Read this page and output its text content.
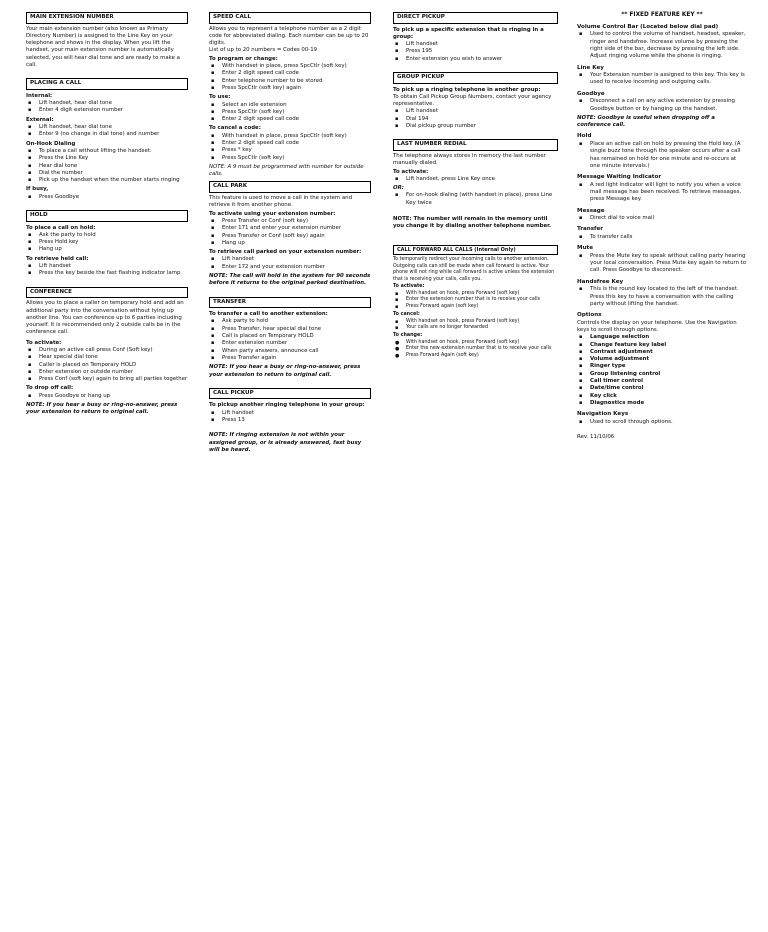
MAIN EXTENSION NUMBER

Your main extension number (also known as Primary Directory Number) is assigned to the Line Key on your telephone and shows in the display. When you lift the handset, your main extension number is automatically selected, you will hear dial tone and are ready to make a call.

PLACING A CALL
Internal:
▪ Lift handset, hear dial tone
▪ Enter 4 digit extension number
External:
▪ Lift handset, hear dial tone
▪ Enter 9 (no change in dial tone) and number
On-Hook Dialing
▪ To place a call without lifting the handset:
▪ Press the Line Key
▪ Hear dial tone
▪ Dial the number
▪ Pick up the handset when the number starts ringing
If busy,
▪ Press Goodbye
HOLD
To place a call on hold:
▪ Ask the party to hold
▪ Press Hold key
▪ Hang up
To retrieve held call:
▪ Lift handset
▪ Press the key beside the fast flashing indicator lamp
CONFERENCE

Allows you to place a caller on temporary hold and add an additional party into the conversation without tying up another line. You can conference up to 6 parties including yourself. It is recommended only 2 outside calls be in the conference call.

To activate:
▪ During an active call press Conf (Soft key)
▪ Hear special dial tone
▪ Caller is placed on Temporary HOLD
▪ Enter extension or outside number
▪ Press Conf (soft key) again to bring all parties together
To drop off call:
▪ Press Goodbye or hang up
NOTE: If you hear a busy or ring-no-answer, press your extension to return to original call.
SPEED CALL

Allows you to represent a telephone number as a 2 digit code for abbreviated dialing. Each number can be up to 20 digits.

List of up to 20 numbers = Codes 00-19

To program or change:
▪ With handset in place, press SpcCtlr (soft key)
▪ Enter 2 digit speed call code
▪ Enter telephone number to be stored
▪ Press SpcCtlr (soft key) again
To use:
▪ Select an idle extension
▪ Press SpcCtlr (soft key)
▪ Enter 2 digit speed call code
To cancel a code:
▪ With handset in place, press SpcCtlr (soft key)
▪ Enter 2 digit speed call code
▪ Press * key
▪ Press SpcCtlr (soft key)
NOTE: A 9 must be programmed with number for outside calls.
CALL PARK

This feature is used to move a call in the system and retrieve it from another phone.

To activate using your extension number:
▪ Press Transfer or Conf (soft key)
▪ Enter 171 and enter your extension number
▪ Press Transfer or Conf (soft key) again
▪ Hang up
To retrieve call parked on your extension number:
▪ Lift handset
▪ Enter 172 and your extension number
NOTE: The call will hold in the system for 90 seconds before it returns to the original parked destination.
TRANSFER
To transfer a call to another extension:
▪ Ask party to hold
▪ Press Transfer, hear special dial tone
▪ Call is placed on Temporary HOLD
▪ Enter extension number
▪ When party answers, announce call
▪ Press Transfer again
NOTE: If you hear a busy or ring-no-answer, press your extension to return to original call.
CALL PICKUP
To pickup another ringing telephone in your group:
▪ Lift handset
▪ Press 13
NOTE: If ringing extension is not within your assigned group, or is already answered, fast busy will be heard.
DIRECT PICKUP
To pick up a specific extension that is ringing in a group:
▪ Lift handset
▪ Press 195
▪ Enter extension you wish to answer
GROUP PICKUP
To pick up a ringing telephone in another group:

To obtain Call Pickup Group Numbers, contact your agency representative.

▪ Lift handset
▪ Dial 194
▪ Dial pickup group number
LAST NUMBER REDIAL

The telephone always stores in memory the last number manually dialed.

To activate:
▪ Lift handset, press Line Key once
OR:
▪ For on-hook dialing (with handset in place), press Line Key twice
NOTE: The number will remain in the memory until you change it by dialing another telephone number.
CALL FORWARD ALL CALLS (Internal Only)

To temporarily redirect your incoming calls to another extension. Outgoing calls can still be made when call forward is active. Your phone will not ring while call forward is active unless the extension that is receiving your calls, calls you.

To activate:
▪ With handset on hook, press Forward (soft key)
▪ Enter the extension number that is to receive your calls
▪ Press Forward again (soft key)
To cancel:
▪ With handset on hook, press Forward (soft key)
▪ Your calls are no longer forwarded
To change:
● With handset on hook, press Forward (soft key)
● Enter the new extension number that is to receive your calls
● Press Forward Again (soft key)
** FIXED FEATURE KEY **
Volume Control Bar (Located below dial pad)
▪ Used to control the volume of handset, headset, speaker, ringer and handsfree. Increase volume by pressing the right side of the bar, decrease by pressing the left side. Adjust ringing volume while the phone is ringing.
Line Key
▪ Your Extension number is assigned to this key. This key is used to receive incoming and outgoing calls.
Goodbye
▪ Disconnect a call on any active extension by pressing Goodbye button or by hanging up the handset.
NOTE: Goodbye is useful when dropping off a conference call.
Hold
▪ Place an active call on hold by pressing the Hold key. (A single buzz tone through the speaker occurs after a call has remained on hold for one minute and re-occurs at one minute intervals.)
Message Waiting Indicator
▪ A red light indicator will light to notify you when a voice mail message has been received. To retrieve messages, press Message key.
Message
▪ Direct dial to voice mail
Transfer
▪ To transfer calls
Mute
▪ Press the Mute key to speak without calling party hearing your local conversation. Press Mute key again to return to call. Press Goodbye to disconnect.
Handsfree Key
▪ This is the round key located to the left of the handset. Press this key to have a conversation with the calling party without lifting the handset.
Options

Controls the display on your telephone. Use the Navigation keys to scroll through options.

▪ Language selection
▪ Change feature key label
▪ Contrast adjustment
▪ Volume adjustment
▪ Ringer type
▪ Group listening control
▪ Call timer control
▪ Date/time control
▪ Key click
▪ Diagnostics mode
Navigation Keys
▪ Used to scroll through options.
Rev. 11/10/06
